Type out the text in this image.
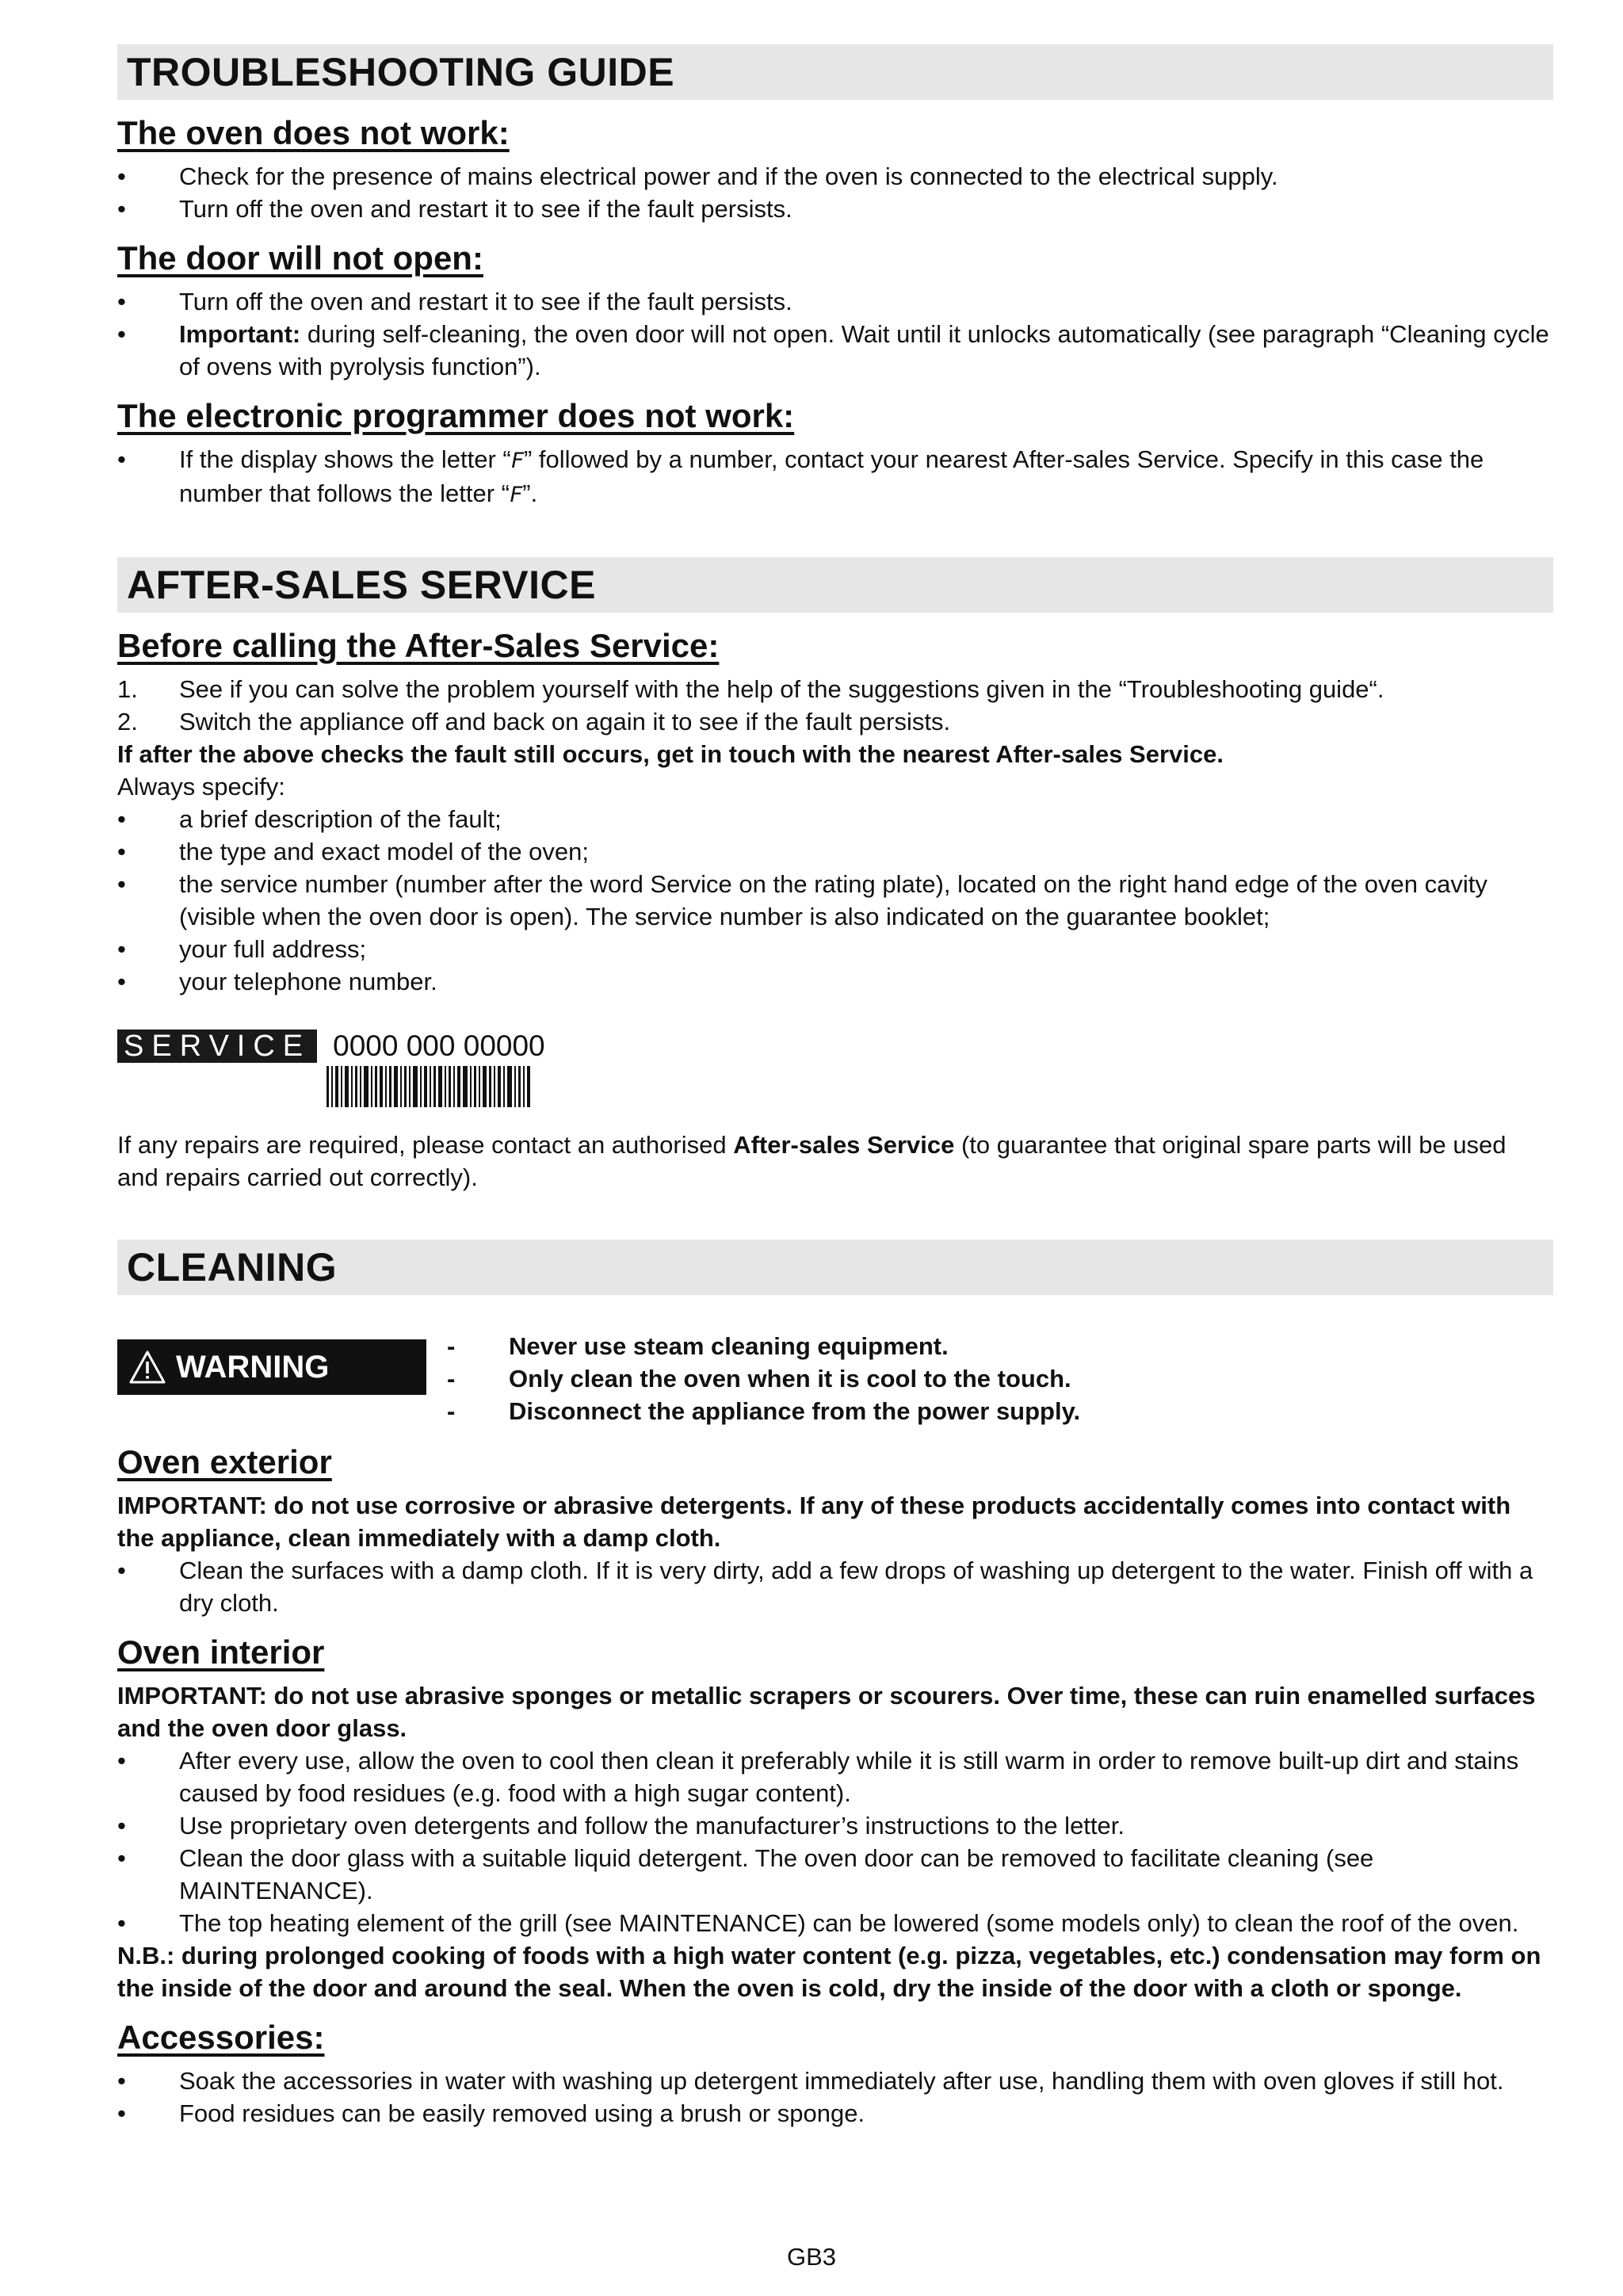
TROUBLESHOOTING GUIDE
The oven does not work:
•	Check for the presence of mains electrical power and if the oven is connected to the electrical supply.
•	Turn off the oven and restart it to see if the fault persists.
The door will not open:
•	Turn off the oven and restart it to see if the fault persists.
•	Important: during self-cleaning, the oven door will not open. Wait until it unlocks automatically (see paragraph “Cleaning cycle of ovens with pyrolysis function”).
The electronic programmer does not work:
•	If the display shows the letter “F” followed by a number, contact your nearest After-sales Service. Specify in this case the number that follows the letter “F”.
AFTER-SALES SERVICE
Before calling the After-Sales Service:
1.	See if you can solve the problem yourself with the help of the suggestions given in the “Troubleshooting guide“.
2.	Switch the appliance off and back on again it to see if the fault persists.
If after the above checks the fault still occurs, get in touch with the nearest After-sales Service.
Always specify:
•	a brief description of the fault;
•	the type and exact model of the oven;
•	the service number (number after the word Service on the rating plate), located on the right hand edge of the oven cavity (visible when the oven door is open). The service number is also indicated on the guarantee booklet;
•	your full address;
•	your telephone number.
SERVICE 0000 000 00000
If any repairs are required, please contact an authorised After-sales Service (to guarantee that original spare parts will be used and repairs carried out correctly).
CLEANING
WARNING
-	Never use steam cleaning equipment.
-	Only clean the oven when it is cool to the touch.
-	Disconnect the appliance from the power supply.
Oven exterior
IMPORTANT: do not use corrosive or abrasive detergents. If any of these products accidentally comes into contact with the appliance, clean immediately with a damp cloth.
•	Clean the surfaces with a damp cloth. If it is very dirty, add a few drops of washing up detergent to the water. Finish off with a dry cloth.
Oven interior
IMPORTANT: do not use abrasive sponges or metallic scrapers or scourers. Over time, these can ruin enamelled surfaces and the oven door glass.
•	After every use, allow the oven to cool then clean it preferably while it is still warm in order to remove built-up dirt and stains caused by food residues (e.g. food with a high sugar content).
•	Use proprietary oven detergents and follow the manufacturer’s instructions to the letter.
•	Clean the door glass with a suitable liquid detergent. The oven door can be removed to facilitate cleaning (see MAINTENANCE).
•	The top heating element of the grill (see MAINTENANCE) can be lowered (some models only) to clean the roof of the oven.
N.B.: during prolonged cooking of foods with a high water content (e.g. pizza, vegetables, etc.) condensation may form on the inside of the door and around the seal. When the oven is cold, dry the inside of the door with a cloth or sponge.
Accessories:
•	Soak the accessories in water with washing up detergent immediately after use, handling them with oven gloves if still hot.
•	Food residues can be easily removed using a brush or sponge.
GB3
